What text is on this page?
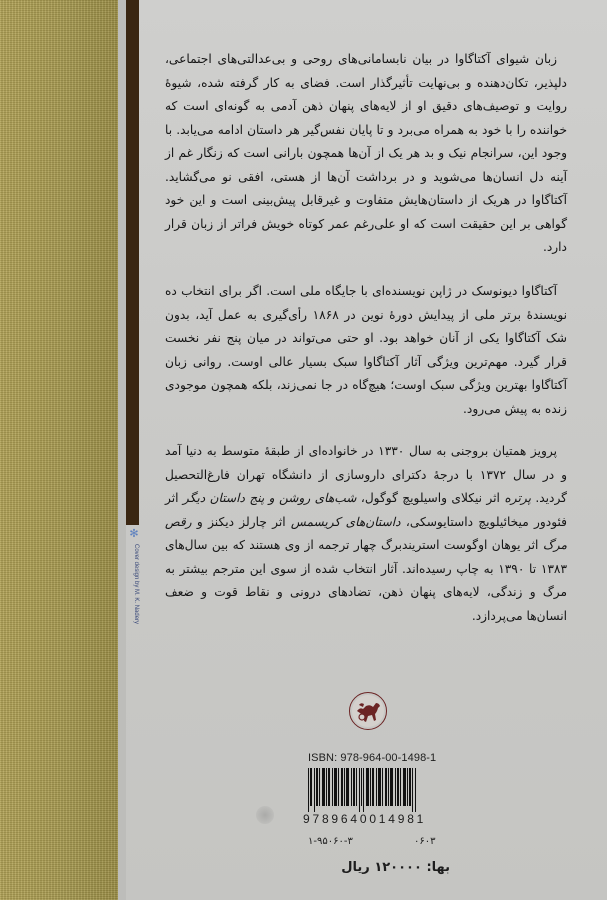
✻
Cover design by M. K. Nadery

زبان شیوای آکتاگاوا در بیان نابسامانی‌های روحی و بی‌عدالتی‌های اجتماعی، دلپذیر، تکان‌دهنده و بی‌نهایت تأثیرگذار است. فضای به کار گرفته شده، شیوهٔ روایت و توصیف‌های دقیق او از لایه‌های پنهان ذهن آدمی به گونه‌ای است که خواننده را با خود به همراه می‌برد و تا پایان نفس‌گیر هر داستان ادامه می‌یابد. با وجود این، سرانجام نیک و بد هر یک از آن‌ها همچون بارانی است که زنگار غم از آینه دل انسان‌ها می‌شوید و در برداشت آن‌ها از هستی، افقی نو می‌گشاید. آکتاگاوا در هریک از داستان‌هایش متفاوت و غیرقابل پیش‌بینی است و این خود گواهی بر این حقیقت است که او علی‌رغم عمر کوتاه خویش فراتر از زبان قرار دارد.

آکتاگاوا دیونوسک در ژاپن نویسنده‌ای با جایگاه ملی است. اگر برای انتخاب ده نویسندهٔ برتر ملی از پیدایش دورهٔ نوین در ۱۸۶۸ رأی‌گیری به عمل آید، بدون شک آکتاگاوا یکی از آنان خواهد بود. او حتی می‌تواند در میان پنج نفر نخست قرار گیرد. مهم‌ترین ویژگی آثار آکتاگاوا سبک بسیار عالی اوست. روانی زبان آکتاگاوا بهترین ویژگی سبک اوست؛ هیچ‌گاه در جا نمی‌زند، بلکه همچون موجودی زنده به پیش می‌رود.

پرویز همتیان بروجنی به سال ۱۳۳۰ در خانواده‌ای از طبقهٔ متوسط به دنیا آمد و در سال ۱۳۷۲ با درجهٔ دکترای داروسازی از دانشگاه تهران فارغ‌التحصیل گردید. پرتره اثر نیکلای واسیلویچ گوگول، شب‌های روشن و پنج داستان دیگر اثر فئودور میخائیلویچ داستایوسکی، داستان‌های کریسمس اثر چارلز دیکنز و رقص مرگ اثر یوهان اوگوست استریندبرگ چهار ترجمه از وی هستند که بین سال‌های ۱۳۸۳ تا ۱۳۹۰ به چاپ رسیده‌اند. آثار انتخاب شده از سوی این مترجم بیشتر به مرگ و زندگی، لایه‌های پنهان ذهن، تضادهای درونی و نقاط قوت و ضعف انسان‌ها می‌پردازد.

ISBN: 978-964-00-1498-1
9789640014981
۱-۹۵۰۶۰-۳	۰۶۰۳
بها: ۱۲۰۰۰۰ ریال
